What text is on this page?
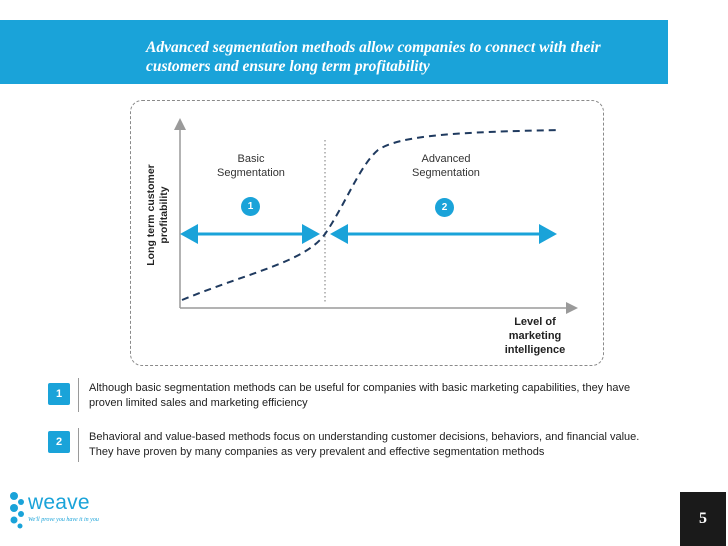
Advanced segmentation methods allow companies to connect with their customers and ensure long term profitability
Long term customer profitability
Basic Segmentation
Advanced Segmentation
1	2
Level of marketing intelligence
1	Although basic segmentation methods can be useful for companies with basic marketing capabilities, they have proven limited sales and marketing efficiency
2	Behavioral and value-based methods focus on understanding customer decisions, behaviors, and financial value. They have proven by many companies as very prevalent and effective segmentation methods
weave
We'll prove you have it in you	5
